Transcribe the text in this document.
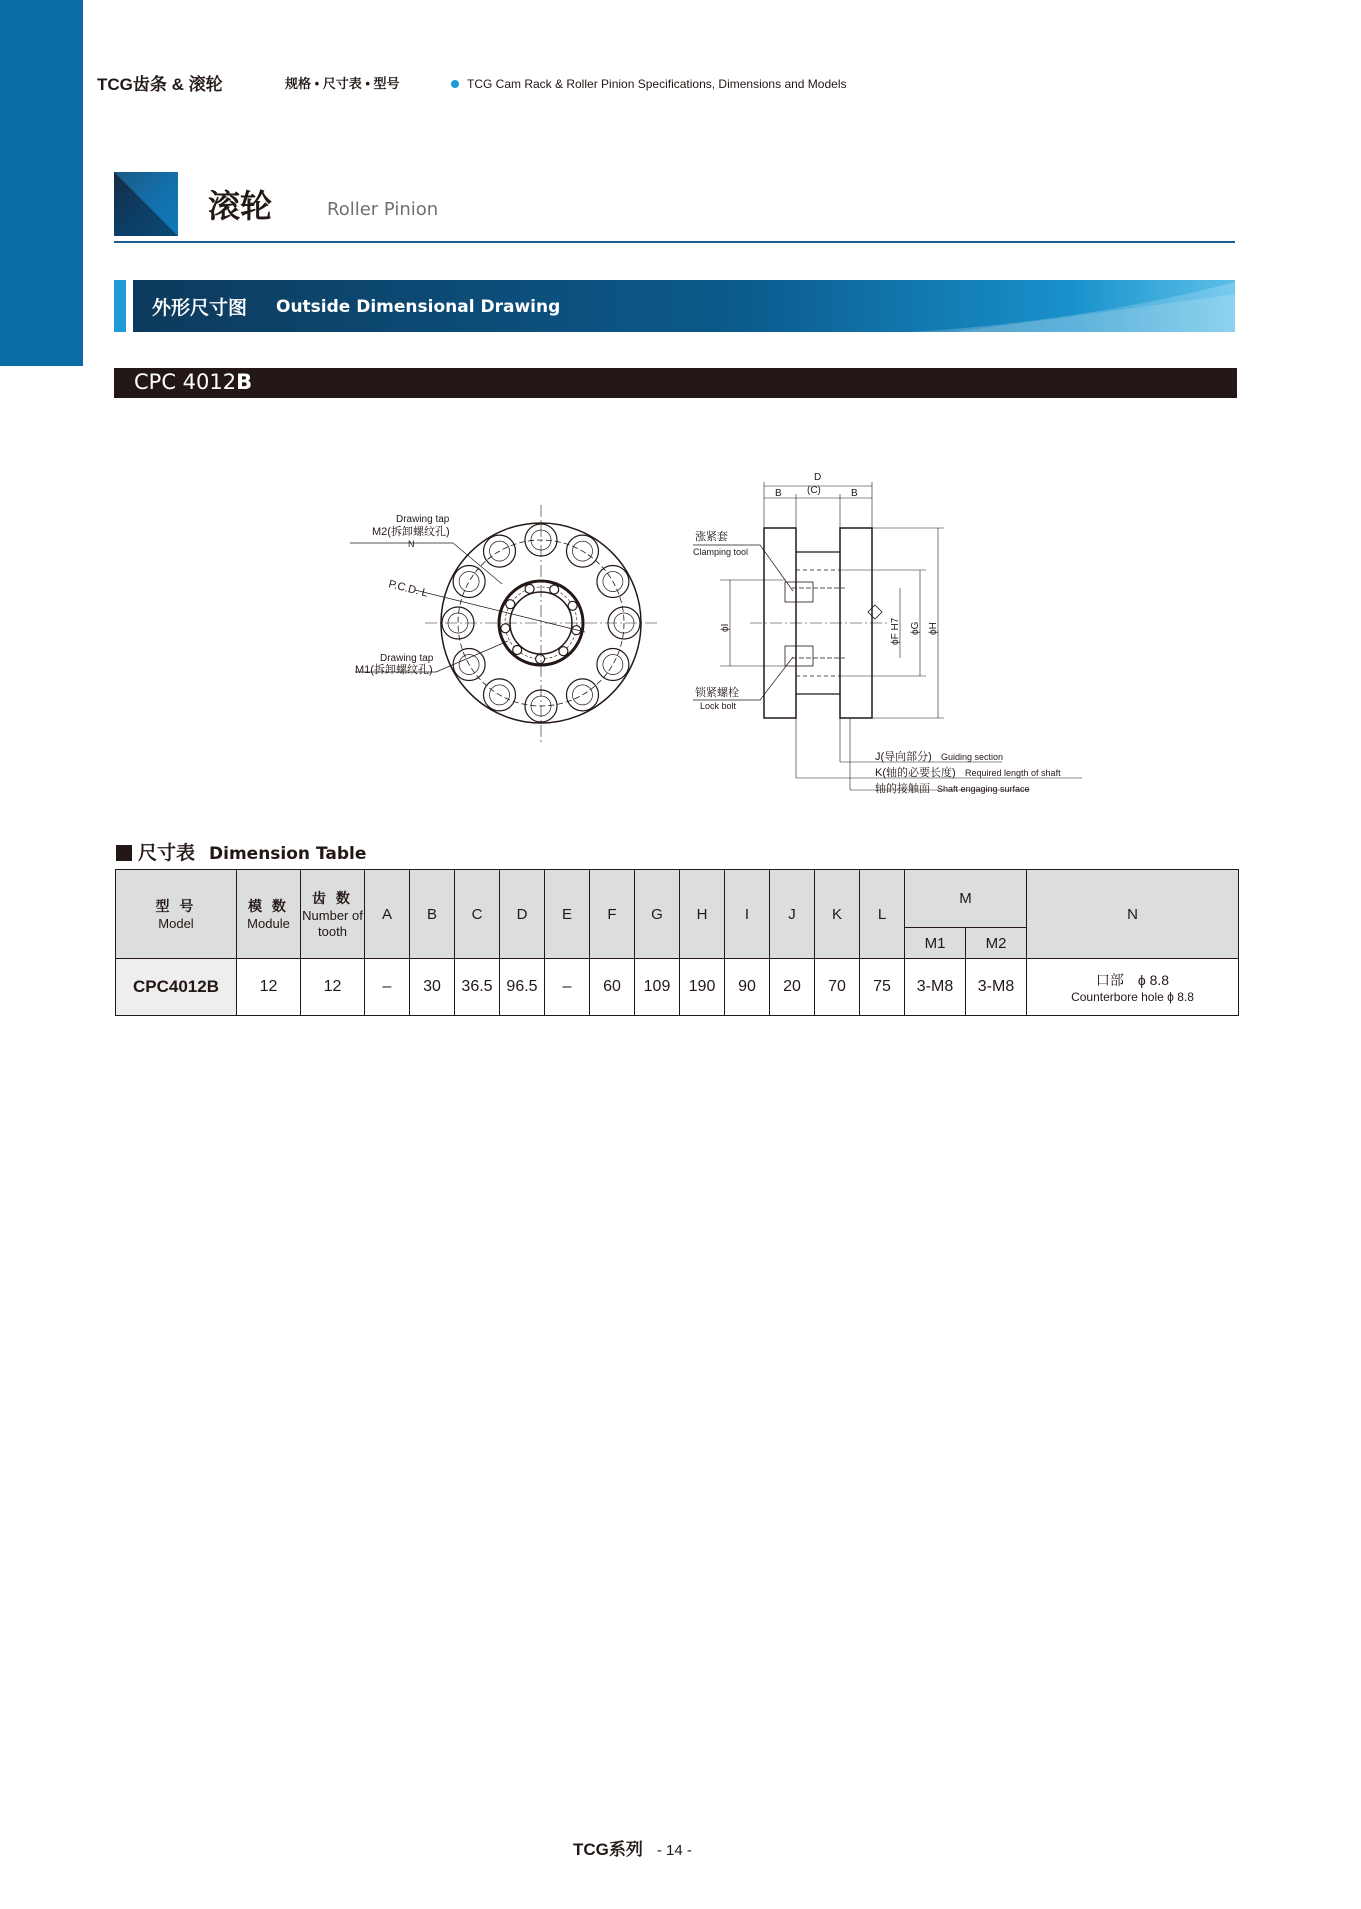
TCG齿条 & 滚轮	规格 • 尺寸表 • 型号	TCG Cam Rack & Roller Pinion Specifications, Dimensions and Models
滚轮	Roller Pinion
外形尺寸图 Outside Dimensional Drawing
CPC 4012B
Drawing tap
M2(拆卸螺纹孔)
N
P.C.D. L
Drawing tap
M1(拆卸螺纹孔)
涨紧套
Clamping tool
锁紧螺栓
Lock bolt
D
(C)
B	B
ϕI	ϕF H7 ϕG ϕH
J(导向部分) Guiding section
K(轴的必要长度) Required length of shaft
轴的接触面 Shaft engaging surface
尺寸表 Dimension Table
型 号
Model	模 数
Module	齿 数
Number of tooth	A	B	C	D	E	F	G	H	I	J	K	L	M		N
															M1	M2	
CPC4012B	12	12	–	30	36.5	96.5	–	60	109	190	90	20	70	75	3-M8	3-M8	口部　ϕ 8.8
Counterbore hole ϕ 8.8
TCG系列 - 14 -
